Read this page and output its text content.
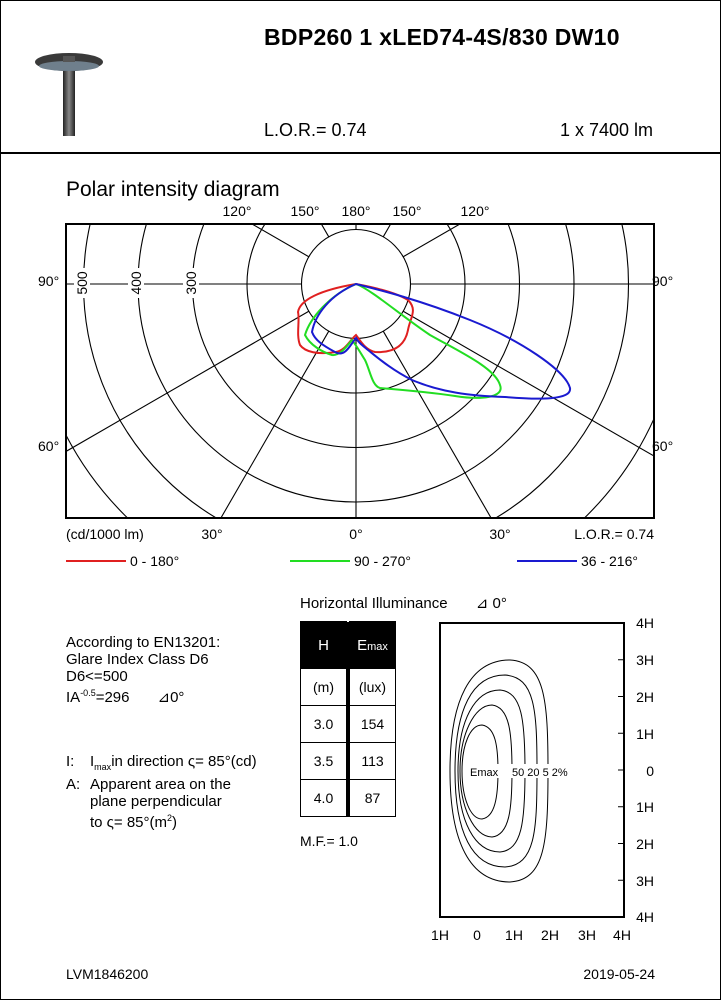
BDP260 1 xLED74-4S/830 DW10
L.O.R.= 0.74	1 x 7400 lm
Polar intensity diagram
120°	150° 180° 150°	120°
90°	90°
60°	60°
500	400	300
(cd/1000 lm)	30°	0°	30°	L.O.R.= 0.74
0 - 180°	90 - 270°	36 - 216°
Horizontal Illuminance ⊿ 0°
H		Emax
(m)		(lux)
3.0		154
3.5		113
4.0		87
M.F.= 1.0
Emax 50 20 5 2%
4H
3H
2H
1H
0
1H
2H
3H
4H
1H 0 1H 2H 3H 4H
According to EN13201:
Glare Index Class D6
D6<=500
$IA^{-0.5}=296$ ⊿0°
I: $I_{max}in$ direction ς= 85°(cd)
A: Apparent area on the
plane perpendicular
to $\varsigma= 85^\circ(m^2)$
LVM1846200	2019-05-24
